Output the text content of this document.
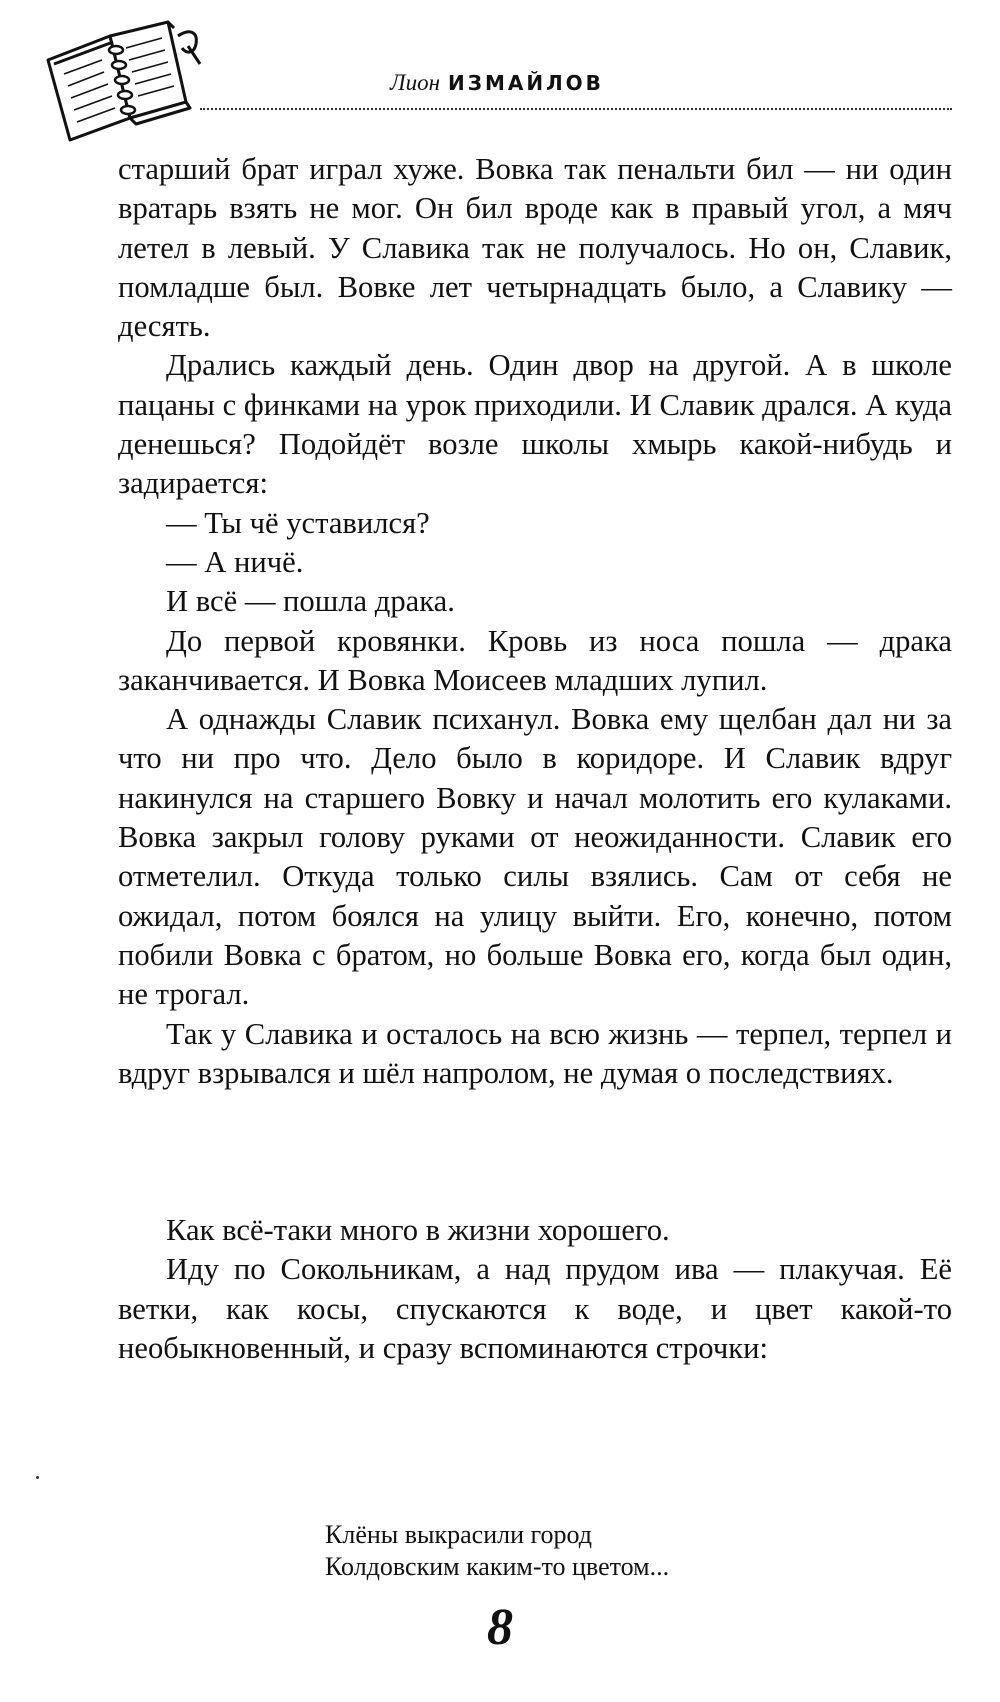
Лион ИЗМАЙЛОВ

старший брат играл хуже. Вовка так пенальти бил — ни один вратарь взять не мог. Он бил вроде как в правый угол, а мяч летел в левый. У Славика так не получалось. Но он, Славик, помладше был. Вовке лет четырнадцать было, а Славику — десять.

Дрались каждый день. Один двор на другой. А в школе пацаны с финками на урок приходили. И Славик дрался. А куда денешься? Подойдёт возле школы хмырь какой-нибудь и задирается:

— Ты чё уставился?

— А ничё.

И всё — пошла драка.

До первой кровянки. Кровь из носа пошла — драка заканчивается. И Вовка Моисеев младших лупил.

А однажды Славик психанул. Вовка ему щелбан дал ни за что ни про что. Дело было в коридоре. И Славик вдруг накинулся на старшего Вовку и начал молотить его кулаками. Вовка закрыл голову руками от неожиданности. Славик его отметелил. Откуда только силы взялись. Сам от себя не ожидал, потом боялся на улицу выйти. Его, конечно, потом побили Вовка с братом, но больше Вовка его, когда был один, не трогал.

Так у Славика и осталось на всю жизнь — терпел, терпел и вдруг взрывался и шёл напролом, не думая о последствиях.

Как всё-таки много в жизни хорошего.

Иду по Сокольникам, а над прудом ива — плакучая. Её ветки, как косы, спускаются к воде, и цвет какой-то необыкновенный, и сразу вспоминаются строчки:

Клёны выкрасили город
Колдовским каким-то цветом...
8
